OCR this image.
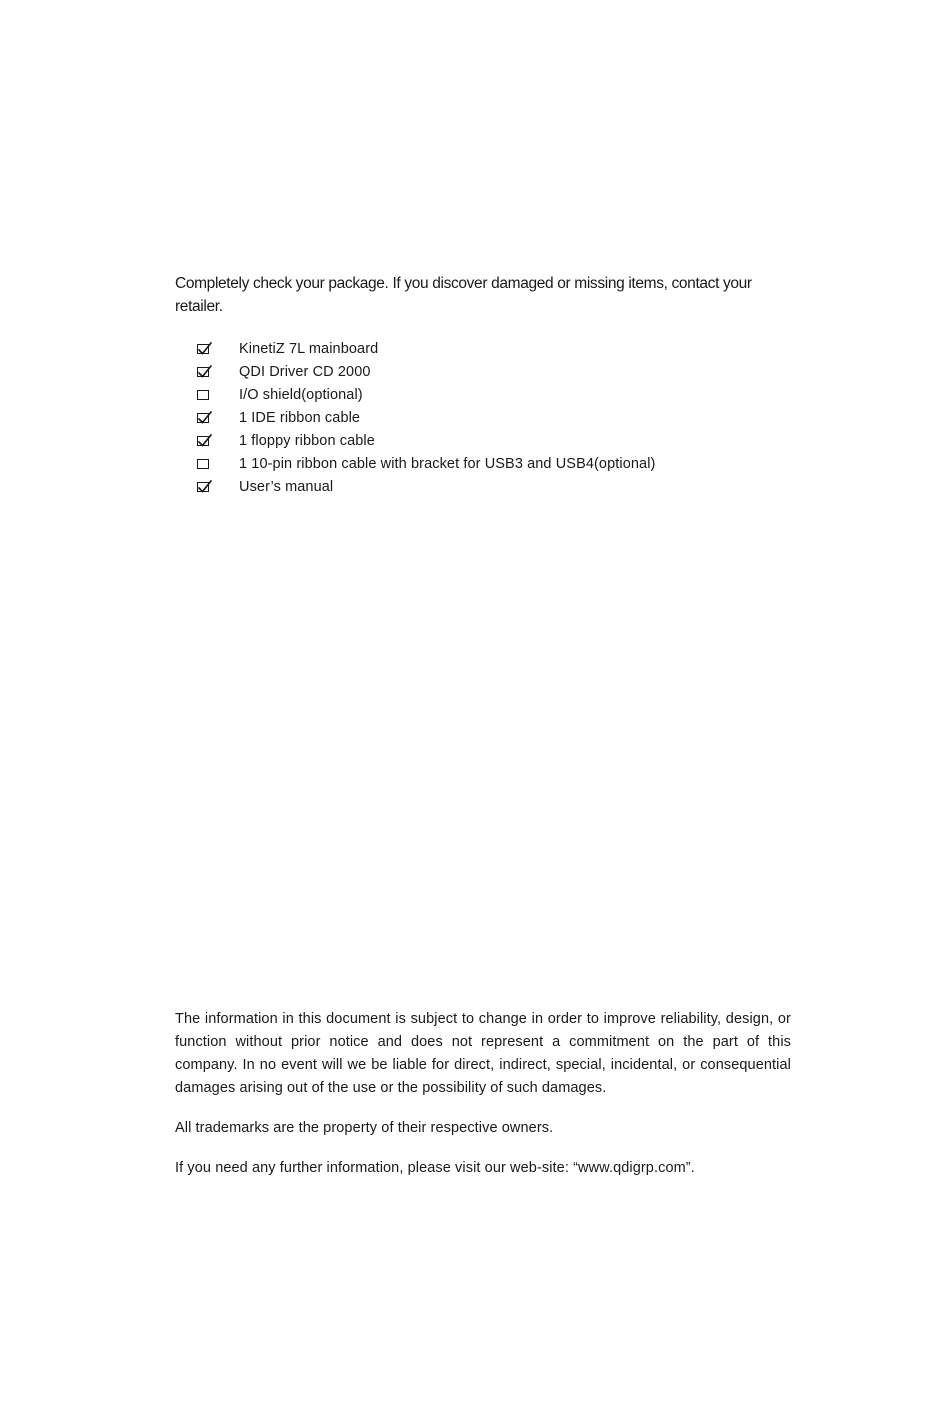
Completely check your package. If you discover damaged or missing items, contact your retailer.

KinetiZ 7L mainboard
QDI Driver CD 2000
I/O shield(optional)
1 IDE ribbon cable
1 floppy ribbon cable
1 10-pin ribbon cable with bracket for USB3 and USB4(optional)
User’s manual

The information in this document is subject to change in order to improve reliability, design, or function without prior notice and does not represent a commitment on the part of this company. In no event will we be liable for direct, indirect, special, incidental, or consequential damages arising out of the use or the possibility of such damages.

All trademarks are the property of their respective owners.

If you need any further information, please visit our web-site: “www.qdigrp.com”.
